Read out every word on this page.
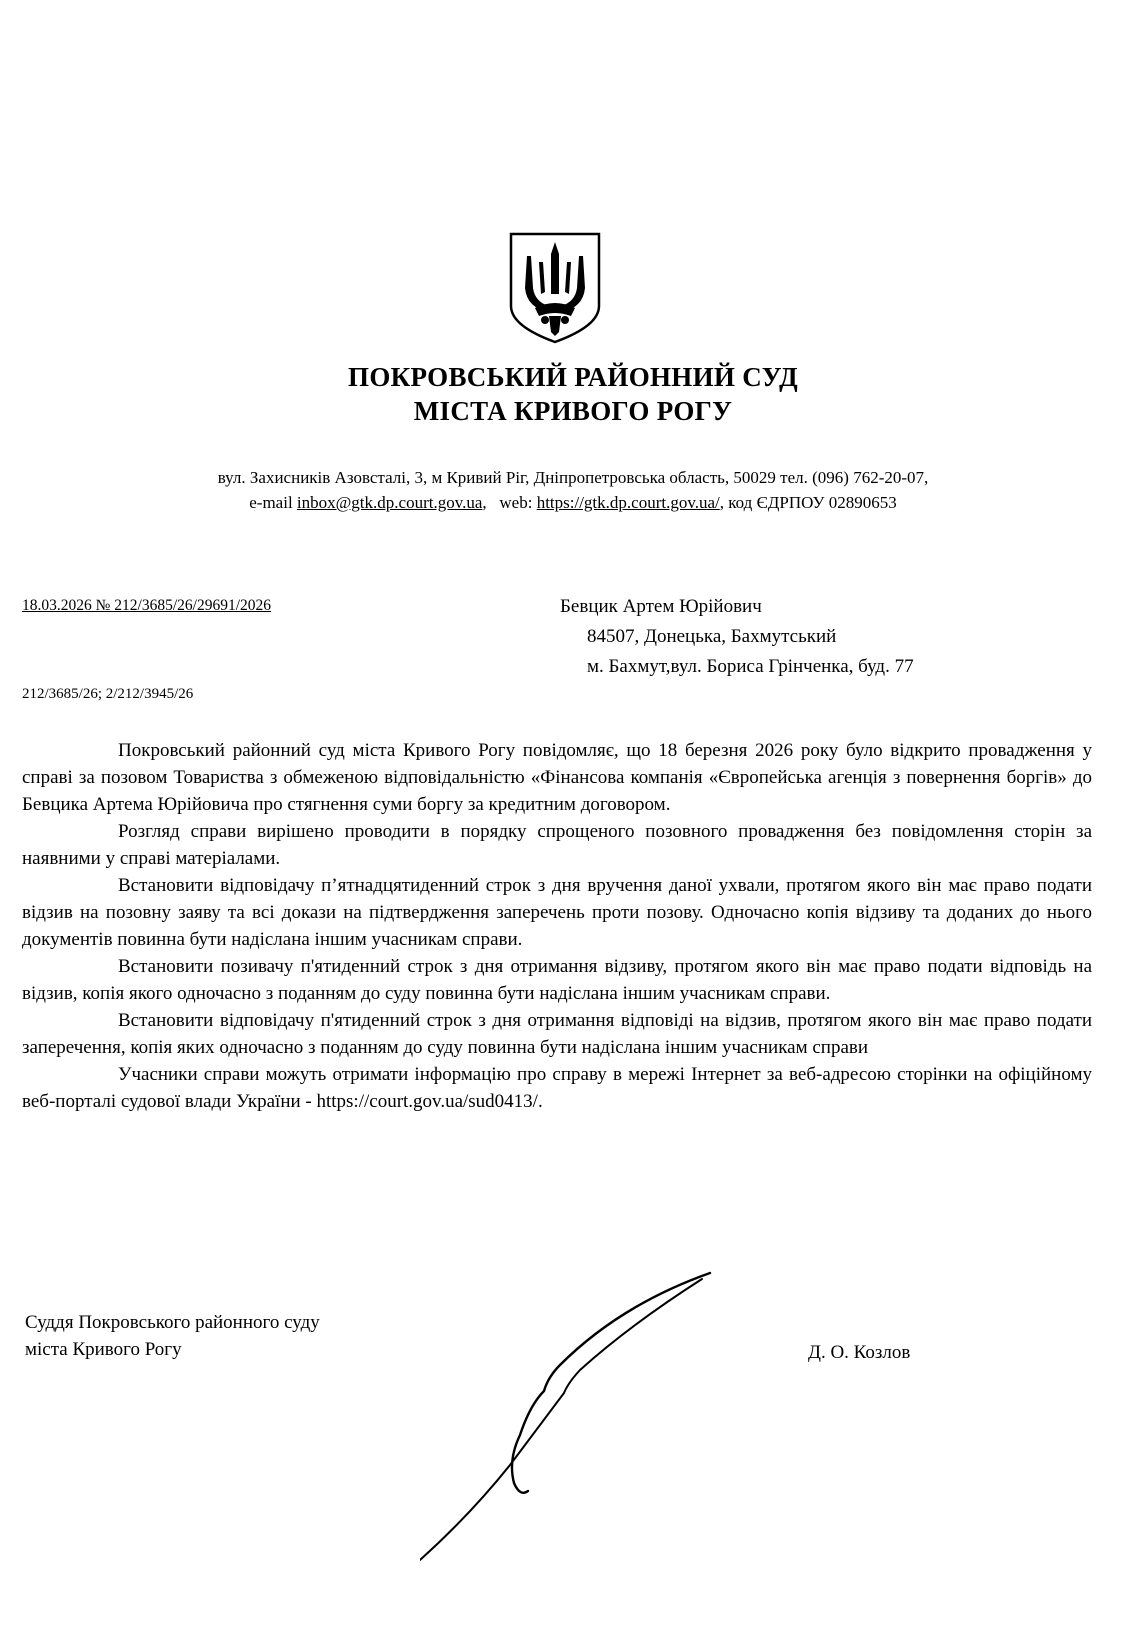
ПОКРОВСЬКИЙ РАЙОННИЙ СУД
МІСТА КРИВОГО РОГУ
вул. Захисників Азовсталі, 3, м Кривий Ріг, Дніпропетровська область, 50029 тел. (096) 762-20-07,
e-mail inbox@gtk.dp.court.gov.ua,   web: https://gtk.dp.court.gov.ua/, код ЄДРПОУ 02890653
18.03.2026 № 212/3685/26/29691/2026
212/3685/26; 2/212/3945/26
Бевцик Артем Юрійович
84507, Донецька, Бахмутський
м. Бахмут,вул. Бориса Грінченка, буд. 77

Покровський районний суд міста Кривого Рогу повідомляє, що 18 березня 2026 року було відкрито провадження у справі за позовом Товариства з обмеженою відповідальністю «Фінансова компанія «Європейська агенція з повернення боргів» до Бевцика Артема Юрійовича про стягнення суми боргу за кредитним договором.

Розгляд справи вирішено проводити в порядку спрощеного позовного провадження без повідомлення сторін за наявними у справі матеріалами.

Встановити відповідачу п’ятнадцятиденний строк з дня вручення даної ухвали, протягом якого він має право подати відзив на позовну заяву та всі докази на підтвердження заперечень проти позову. Одночасно копія відзиву та доданих до нього документів повинна бути надіслана іншим учасникам справи.

Встановити позивачу п'ятиденний строк з дня отримання відзиву, протягом якого він має право подати відповідь на відзив, копія якого одночасно з поданням до суду повинна бути надіслана іншим учасникам справи.

Встановити відповідачу п'ятиденний строк з дня отримання відповіді на відзив, протягом якого він має право подати заперечення, копія яких одночасно з поданням до суду повинна бути надіслана іншим учасникам справи

Учасники справи можуть отримати інформацію про справу в мережі Інтернет за веб-адресою сторінки на офіційному веб-порталі судової влади України - https://court.gov.ua/sud0413/.

Суддя Покровського районного суду
міста Кривого Рогу	Д. О. Козлов
